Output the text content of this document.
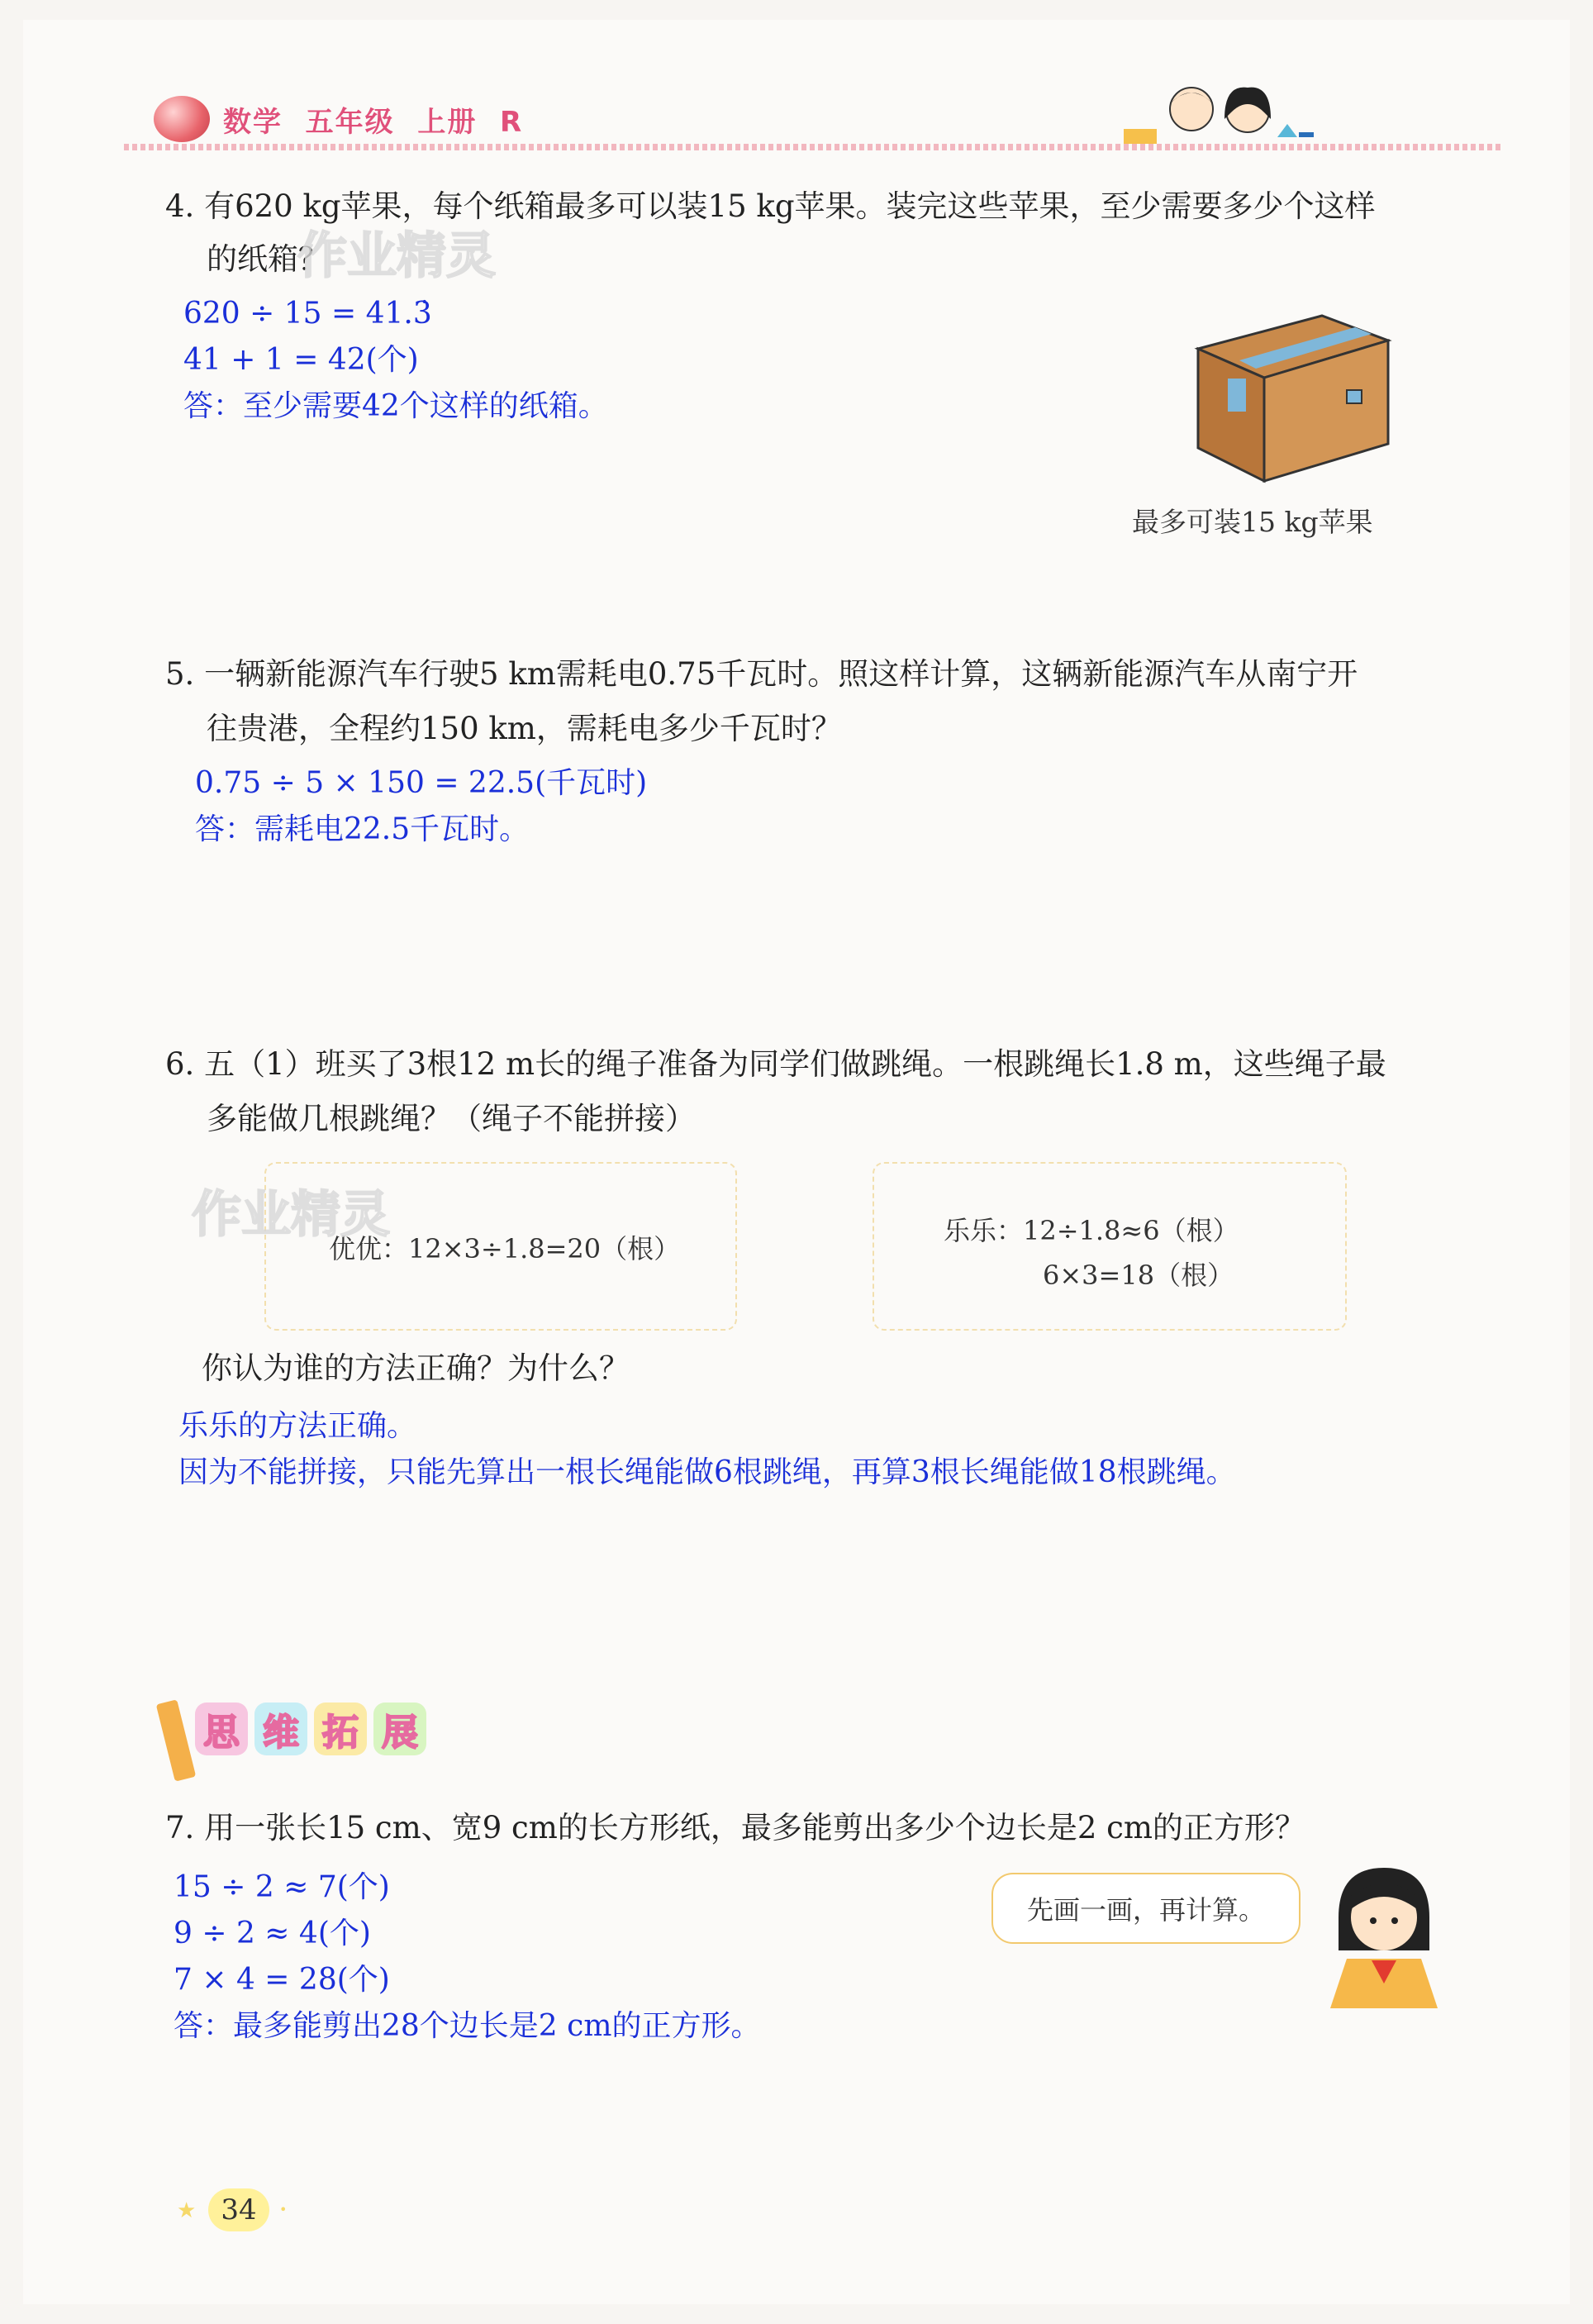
数学  五年级  上册  R
4. 有620 kg苹果，每个纸箱最多可以装15 kg苹果。装完这些苹果，至少需要多少个这样
的纸箱？
作业精灵
620 ÷ 15 = 41.3̇
41 + 1 = 42(个)
答：至少需要42个这样的纸箱。
最多可装15 kg苹果
5. 一辆新能源汽车行驶5 km需耗电0.75千瓦时。照这样计算，这辆新能源汽车从南宁开
往贵港，全程约150 km，需耗电多少千瓦时？
0.75 ÷ 5 × 150 = 22.5(千瓦时)
答：需耗电22.5千瓦时。
6. 五（1）班买了3根12 m长的绳子准备为同学们做跳绳。一根跳绳长1.8 m，这些绳子最
多能做几根跳绳？（绳子不能拼接）
优优：12×3÷1.8=20（根）
作业精灵	乐乐：12÷1.8≈6（根）
6×3=18（根）
你认为谁的方法正确？为什么？
乐乐的方法正确。
因为不能拼接，只能先算出一根长绳能做6根跳绳，再算3根长绳能做18根跳绳。
思 维 拓 展
7. 用一张长15 cm、宽9 cm的长方形纸，最多能剪出多少个边长是2 cm的正方形？
15 ÷ 2 ≈ 7(个)
9 ÷ 2 ≈ 4(个)
7 × 4 = 28(个)
答：最多能剪出28个边长是2 cm的正方形。
先画一画，再计算。
★ 34	•
